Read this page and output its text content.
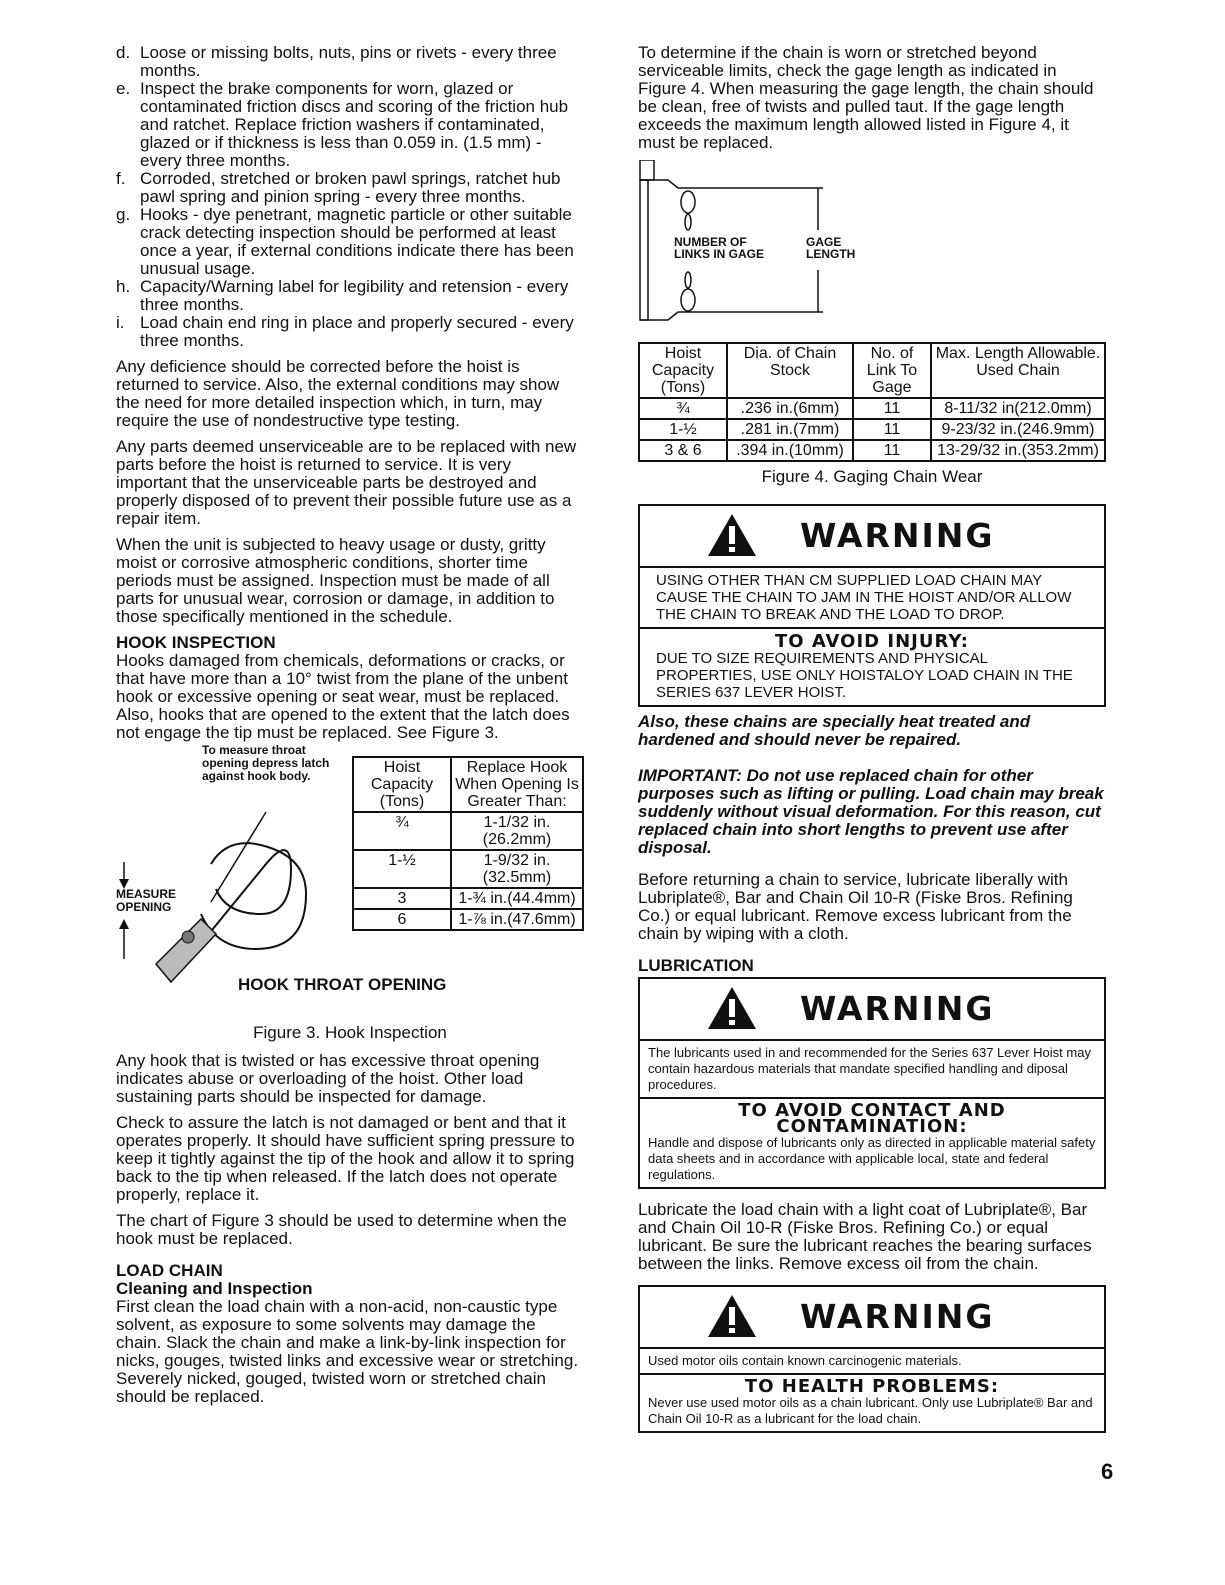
d. Loose or missing bolts, nuts, pins or rivets - every three months.
e. Inspect the brake components for worn, glazed or contaminated friction discs and scoring of the friction hub and ratchet. Replace friction washers if contaminated, glazed or if thickness is less than 0.059 in. (1.5 mm) - every three months.
f. Corroded, stretched or broken pawl springs, ratchet hub pawl spring and pinion spring - every three months.
g. Hooks - dye penetrant, magnetic particle or other suitable crack detecting inspection should be performed at least once a year, if external conditions indicate there has been unusual usage.
h. Capacity/Warning label for legibility and retension - every three months.
i. Load chain end ring in place and properly secured - every three months.

Any deficience should be corrected before the hoist is returned to service. Also, the external conditions may show the need for more detailed inspection which, in turn, may require the use of nondestructive type testing.

Any parts deemed unserviceable are to be replaced with new parts before the hoist is returned to service. It is very important that the unserviceable parts be destroyed and properly disposed of to prevent their possible future use as a repair item.

When the unit is subjected to heavy usage or dusty, gritty moist or corrosive atmospheric conditions, shorter time periods must be assigned. Inspection must be made of all parts for unusual wear, corrosion or damage, in addition to those specifically mentioned in the schedule.

HOOK INSPECTION

Hooks damaged from chemicals, deformations or cracks, or that have more than a 10° twist from the plane of the unbent hook or excessive opening or seat wear, must be replaced. Also, hooks that are opened to the extent that the latch does not engage the tip must be replaced. See Figure 3.

To measure throat opening depress latch against hook body.
MEASURE OPENING
HOOK THROAT OPENING
Hoist Capacity (Tons)	Replace Hook When Opening Is Greater Than:
¾	1-1/32 in.(26.2mm)
1-½	1-9/32 in.(32.5mm)
3	1-¾ in.(44.4mm)
6	1-⅞ in.(47.6mm)
Figure 3. Hook Inspection

Any hook that is twisted or has excessive throat opening indicates abuse or overloading of the hoist. Other load sustaining parts should be inspected for damage.

Check to assure the latch is not damaged or bent and that it operates properly. It should have sufficient spring pressure to keep it tightly against the tip of the hook and allow it to spring back to the tip when released. If the latch does not operate properly, replace it.

The chart of Figure 3 should be used to determine when the hook must be replaced.

LOAD CHAIN
Cleaning and Inspection

First clean the load chain with a non-acid, non-caustic type solvent, as exposure to some solvents may damage the chain. Slack the chain and make a link-by-link inspection for nicks, gouges, twisted links and excessive wear or stretching. Severely nicked, gouged, twisted worn or stretched chain should be replaced.

To determine if the chain is worn or stretched beyond serviceable limits, check the gage length as indicated in Figure 4. When measuring the gage length, the chain should be clean, free of twists and pulled taut. If the gage length exceeds the maximum length allowed listed in Figure 4, it must be replaced.

NUMBER OF LINKS IN GAGE
GAGE LENGTH
Hoist Capacity (Tons)	Dia. of Chain Stock	No. of Link To Gage	Max. Length Allowable. Used Chain
¾	.236 in.(6mm)	11	8-11/32 in(212.0mm)
1-½	.281 in.(7mm)	11	9-23/32 in.(246.9mm)
3 & 6	.394 in.(10mm)	11	13-29/32 in.(353.2mm)
Figure 4. Gaging Chain Wear
WARNING
USING OTHER THAN CM SUPPLIED LOAD CHAIN MAY CAUSE THE CHAIN TO JAM IN THE HOIST AND/OR ALLOW THE CHAIN TO BREAK AND THE LOAD TO DROP.
TO AVOID INJURY:
DUE TO SIZE REQUIREMENTS AND PHYSICAL PROPERTIES, USE ONLY HOISTALOY LOAD CHAIN IN THE SERIES 637 LEVER HOIST.

Also, these chains are specially heat treated and hardened and should never be repaired.

IMPORTANT: Do not use replaced chain for other purposes such as lifting or pulling. Load chain may break suddenly without visual deformation. For this reason, cut replaced chain into short lengths to prevent use after disposal.

Before returning a chain to service, lubricate liberally with Lubriplate®, Bar and Chain Oil 10-R (Fiske Bros. Refining Co.) or equal lubricant. Remove excess lubricant from the chain by wiping with a cloth.

LUBRICATION
WARNING
The lubricants used in and recommended for the Series 637 Lever Hoist may contain hazardous materials that mandate specified handling and diposal procedures.
TO AVOID CONTACT AND CONTAMINATION:
Handle and dispose of lubricants only as directed in applicable material safety data sheets and in accordance with applicable local, state and federal regulations.

Lubricate the load chain with a light coat of Lubriplate®, Bar and Chain Oil 10-R (Fiske Bros. Refining Co.) or equal lubricant. Be sure the lubricant reaches the bearing surfaces between the links. Remove excess oil from the chain.

WARNING
Used motor oils contain known carcinogenic materials.
TO HEALTH PROBLEMS:
Never use used motor oils as a chain lubricant. Only use Lubriplate® Bar and Chain Oil 10-R as a lubricant for the load chain.
6
